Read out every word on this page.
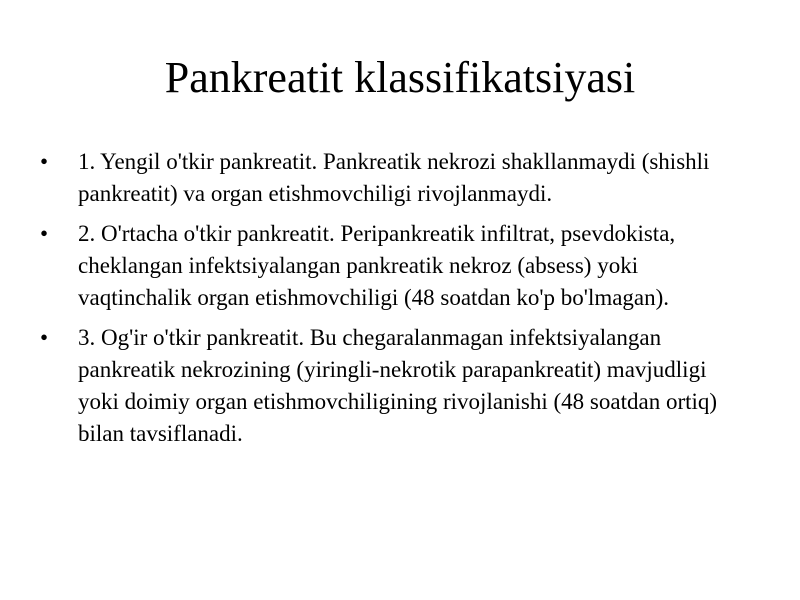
Pankreatit klassifikatsiyasi
• 1. Yengil o'tkir pankreatit. Pankreatik nekrozi shakllanmaydi (shishli pankreatit) va organ etishmovchiligi rivojlanmaydi.
• 2. O'rtacha o'tkir pankreatit. Peripankreatik infiltrat, psevdokista, cheklangan infektsiyalangan pankreatik nekroz (absess) yoki vaqtinchalik organ etishmovchiligi (48 soatdan ko'p bo'lmagan).
• 3. Og'ir o'tkir pankreatit. Bu chegaralanmagan infektsiyalangan pankreatik nekrozining (yiringli-nekrotik parapankreatit) mavjudligi yoki doimiy organ etishmovchiligining rivojlanishi (48 soatdan ortiq) bilan tavsiflanadi.
